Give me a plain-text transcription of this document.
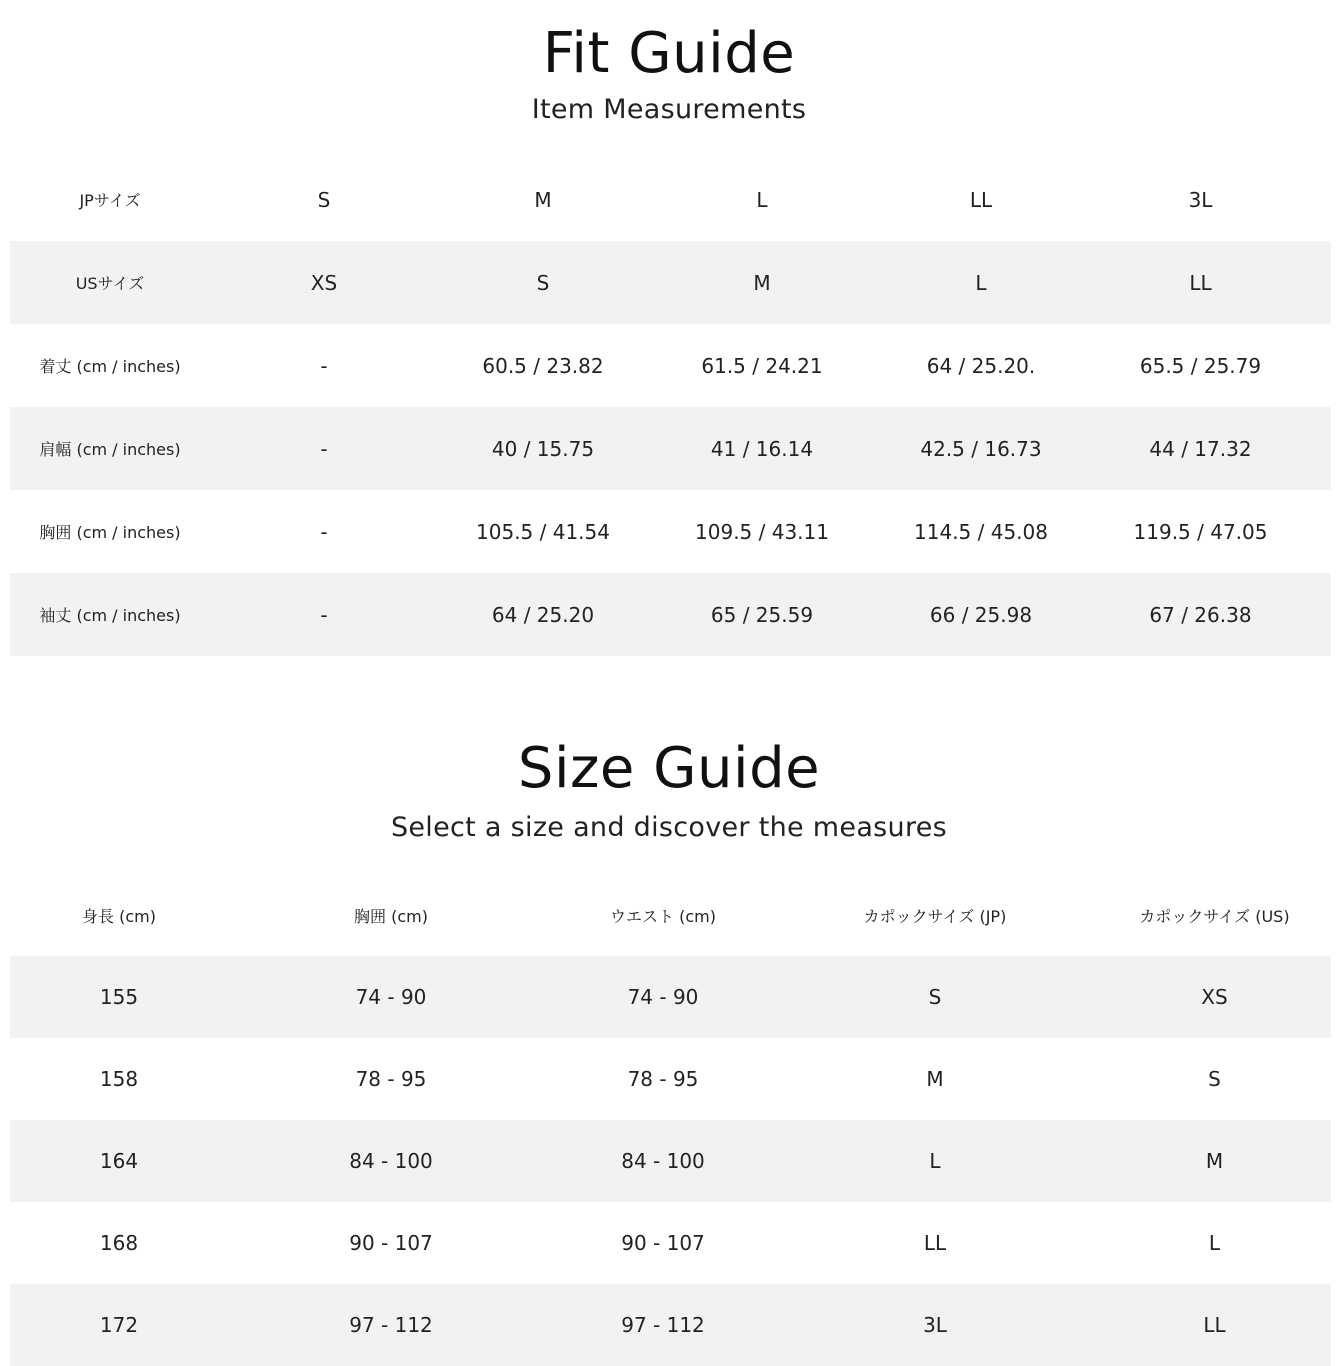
Fit Guide
Item Measurements
JPサイズ	S	M	L	LL	3L
USサイズ	XS	S	M	L	LL
着丈 (cm / inches)	-	60.5 / 23.82	61.5 / 24.21	64 / 25.20.	65.5 / 25.79
肩幅 (cm / inches)	-	40 / 15.75	41 / 16.14	42.5 / 16.73	44 / 17.32
胸囲 (cm / inches)	-	105.5 / 41.54	109.5 / 43.11	114.5 / 45.08	119.5 / 47.05
袖丈 (cm / inches)	-	64 / 25.20	65 / 25.59	66 / 25.98	67 / 26.38
Size Guide
Select a size and discover the measures
身長 (cm)	胸囲 (cm)	ウエスト (cm)	カポックサイズ (JP)	カポックサイズ (US)
155	74 - 90	74 - 90	S	XS
158	78 - 95	78 - 95	M	S
164	84 - 100	84 - 100	L	M
168	90 - 107	90 - 107	LL	L
172	97 - 112	97 - 112	3L	LL
